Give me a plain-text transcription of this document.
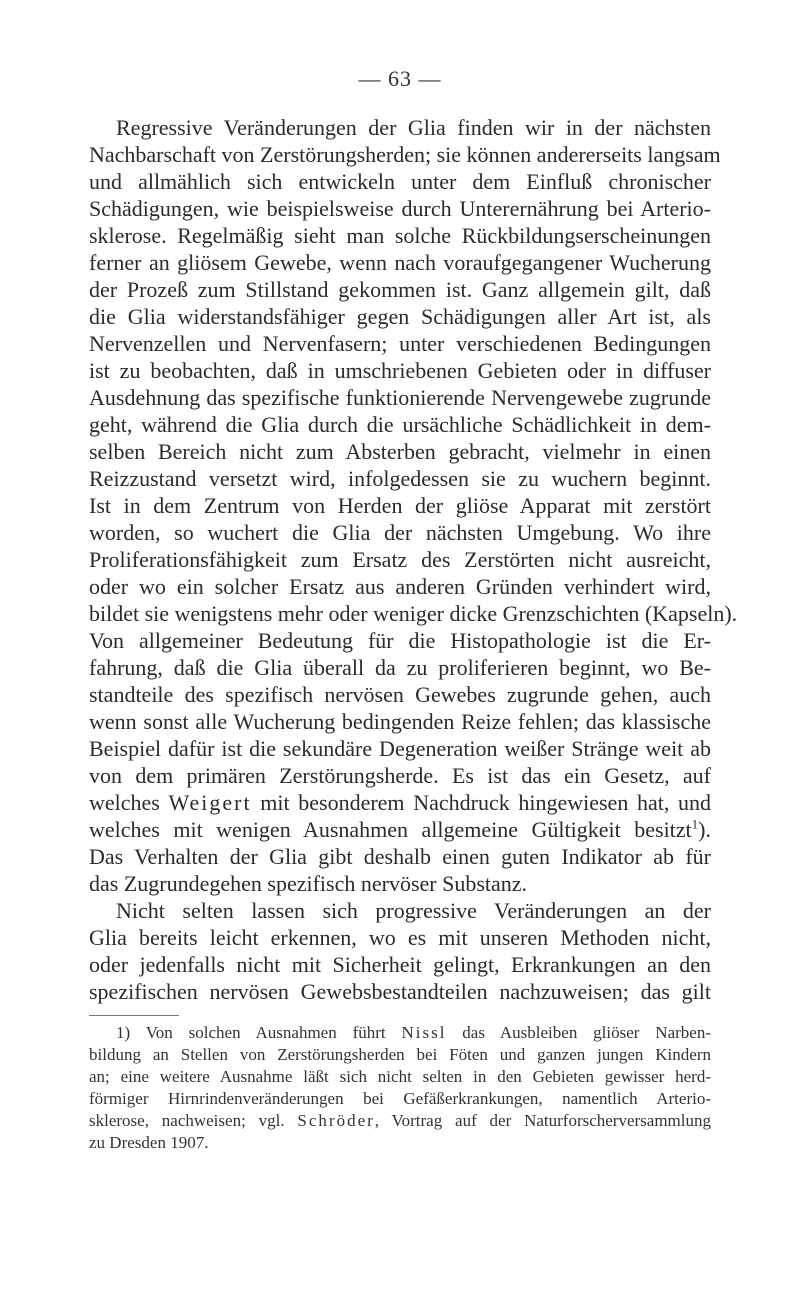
— 63 —

Regressive Veränderungen der Glia finden wir in der nächsten
Nachbarschaft von Zerstörungsherden; sie können andererseits langsam
und allmählich sich entwickeln unter dem Einfluß chronischer
Schädigungen, wie beispielsweise durch Unterernährung bei Arterio-
sklerose. Regelmäßig sieht man solche Rückbildungserscheinungen
ferner an gliösem Gewebe, wenn nach voraufgegangener Wucherung
der Prozeß zum Stillstand gekommen ist. Ganz allgemein gilt, daß
die Glia widerstandsfähiger gegen Schädigungen aller Art ist, als
Nervenzellen und Nervenfasern; unter verschiedenen Bedingungen
ist zu beobachten, daß in umschriebenen Gebieten oder in diffuser
Ausdehnung das spezifische funktionierende Nervengewebe zugrunde
geht, während die Glia durch die ursächliche Schädlichkeit in dem-
selben Bereich nicht zum Absterben gebracht, vielmehr in einen
Reizzustand versetzt wird, infolgedessen sie zu wuchern beginnt.
Ist in dem Zentrum von Herden der gliöse Apparat mit zerstört
worden, so wuchert die Glia der nächsten Umgebung. Wo ihre
Proliferationsfähigkeit zum Ersatz des Zerstörten nicht ausreicht,
oder wo ein solcher Ersatz aus anderen Gründen verhindert wird,
bildet sie wenigstens mehr oder weniger dicke Grenzschichten (Kapseln).
Von allgemeiner Bedeutung für die Histopathologie ist die Er-
fahrung, daß die Glia überall da zu proliferieren beginnt, wo Be-
standteile des spezifisch nervösen Gewebes zugrunde gehen, auch
wenn sonst alle Wucherung bedingenden Reize fehlen; das klassische
Beispiel dafür ist die sekundäre Degeneration weißer Stränge weit ab
von dem primären Zerstörungsherde. Es ist das ein Gesetz, auf
welches Weigert mit besonderem Nachdruck hingewiesen hat, und
welches mit wenigen Ausnahmen allgemeine Gültigkeit besitzt$^1$).
Das Verhalten der Glia gibt deshalb einen guten Indikator ab für
das Zugrundegehen spezifisch nervöser Substanz.

Nicht selten lassen sich progressive Veränderungen an der
Glia bereits leicht erkennen, wo es mit unseren Methoden nicht,
oder jedenfalls nicht mit Sicherheit gelingt, Erkrankungen an den
spezifischen nervösen Gewebsbestandteilen nachzuweisen; das gilt

1) Von solchen Ausnahmen führt Nissl das Ausbleiben gliöser Narben-
bildung an Stellen von Zerstörungsherden bei Föten und ganzen jungen Kindern
an; eine weitere Ausnahme läßt sich nicht selten in den Gebieten gewisser herd-
förmiger Hirnrindenveränderungen bei Gefäßerkrankungen, namentlich Arterio-
sklerose, nachweisen; vgl. Schröder, Vortrag auf der Naturforscherversammlung
zu Dresden 1907.
